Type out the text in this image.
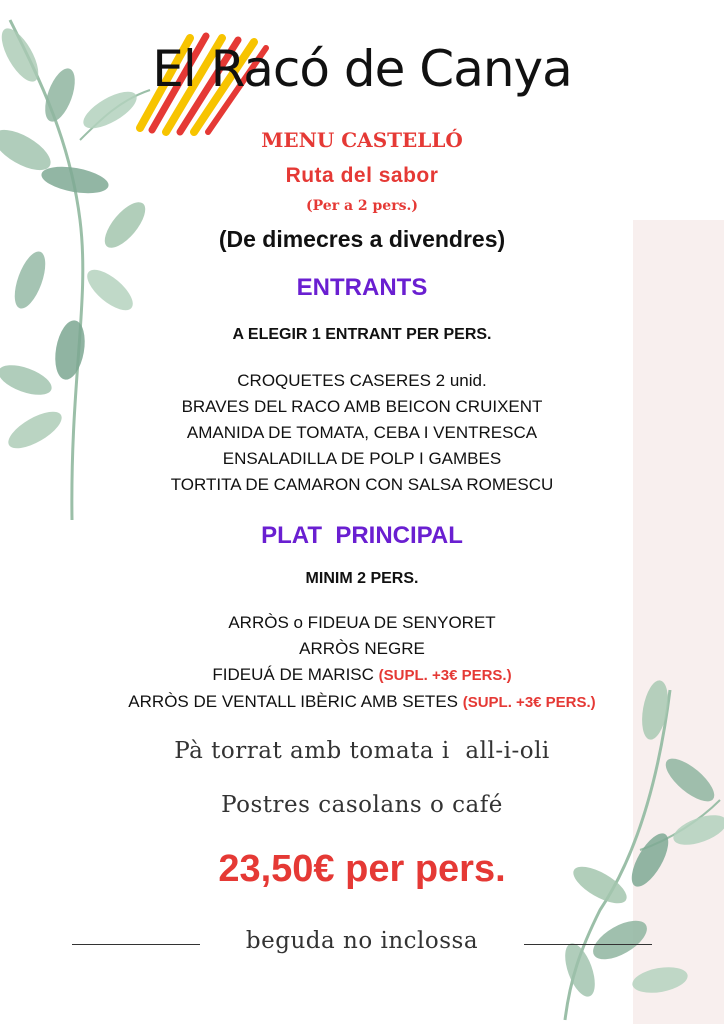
El Racó de Canya
MENU CASTELLÓ
Ruta del sabor
(Per a 2 pers.)
(De dimecres a divendres)
ENTRANTS
A ELEGIR 1 ENTRANT PER PERS.
CROQUETES CASERES 2 unid.
BRAVES DEL RACO AMB BEICON CRUIXENT
AMANIDA DE TOMATA, CEBA I VENTRESCA
ENSALADILLA DE POLP I GAMBES
TORTITA DE CAMARON CON SALSA ROMESCU
PLAT  PRINCIPAL
MINIM 2 PERS.
ARRÒS o FIDEUA DE SENYORET
ARRÒS NEGRE
FIDEUÁ DE MARISC (SUPL. +3€ PERS.)
ARRÒS DE VENTALL IBÈRIC AMB SETES (SUPL. +3€ PERS.)
Pà torrat amb tomata i  all-i-oli
Postres casolans o café
23,50€ per pers.
beguda no inclossa
